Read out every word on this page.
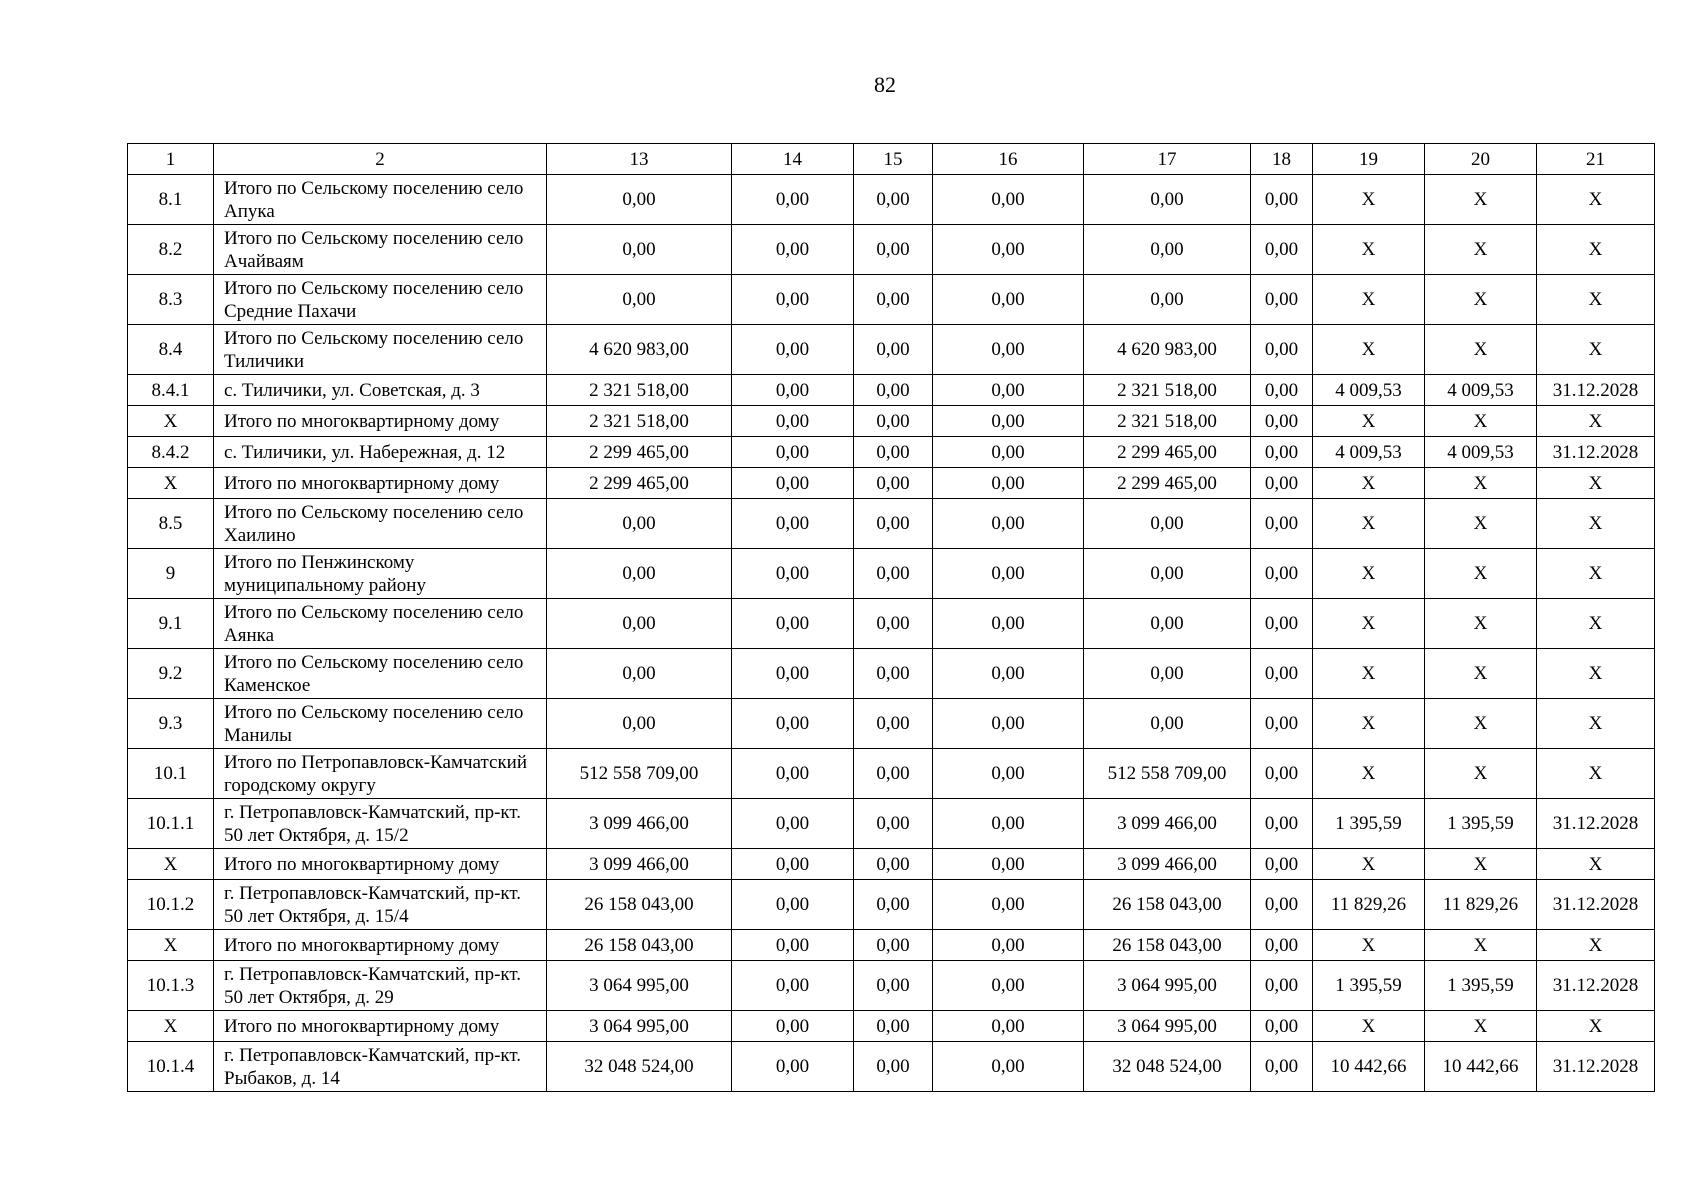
82
1	2	13	14	15	16	17	18	19	20	21
8.1	Итого по Сельскому поселению село Апука	0,00	0,00	0,00	0,00	0,00	0,00	X	X	X
8.2	Итого по Сельскому поселению село Ачайваям	0,00	0,00	0,00	0,00	0,00	0,00	X	X	X
8.3	Итого по Сельскому поселению село Средние Пахачи	0,00	0,00	0,00	0,00	0,00	0,00	X	X	X
8.4	Итого по Сельскому поселению село Тиличики	4 620 983,00	0,00	0,00	0,00	4 620 983,00	0,00	X	X	X
8.4.1	с. Тиличики, ул. Советская, д. 3	2 321 518,00	0,00	0,00	0,00	2 321 518,00	0,00	4 009,53	4 009,53	31.12.2028
X	Итого по многоквартирному дому	2 321 518,00	0,00	0,00	0,00	2 321 518,00	0,00	X	X	X
8.4.2	с. Тиличики, ул. Набережная, д. 12	2 299 465,00	0,00	0,00	0,00	2 299 465,00	0,00	4 009,53	4 009,53	31.12.2028
X	Итого по многоквартирному дому	2 299 465,00	0,00	0,00	0,00	2 299 465,00	0,00	X	X	X
8.5	Итого по Сельскому поселению село Хаилино	0,00	0,00	0,00	0,00	0,00	0,00	X	X	X
9	Итого по Пенжинскому муниципальному району	0,00	0,00	0,00	0,00	0,00	0,00	X	X	X
9.1	Итого по Сельскому поселению село Аянка	0,00	0,00	0,00	0,00	0,00	0,00	X	X	X
9.2	Итого по Сельскому поселению село Каменское	0,00	0,00	0,00	0,00	0,00	0,00	X	X	X
9.3	Итого по Сельскому поселению село Манилы	0,00	0,00	0,00	0,00	0,00	0,00	X	X	X
10.1	Итого по Петропавловск-Камчатский городскому округу	512 558 709,00	0,00	0,00	0,00	512 558 709,00	0,00	X	X	X
10.1.1	г. Петропавловск-Камчатский, пр-кт. 50 лет Октября, д. 15/2	3 099 466,00	0,00	0,00	0,00	3 099 466,00	0,00	1 395,59	1 395,59	31.12.2028
X	Итого по многоквартирному дому	3 099 466,00	0,00	0,00	0,00	3 099 466,00	0,00	X	X	X
10.1.2	г. Петропавловск-Камчатский, пр-кт. 50 лет Октября, д. 15/4	26 158 043,00	0,00	0,00	0,00	26 158 043,00	0,00	11 829,26	11 829,26	31.12.2028
X	Итого по многоквартирному дому	26 158 043,00	0,00	0,00	0,00	26 158 043,00	0,00	X	X	X
10.1.3	г. Петропавловск-Камчатский, пр-кт. 50 лет Октября, д. 29	3 064 995,00	0,00	0,00	0,00	3 064 995,00	0,00	1 395,59	1 395,59	31.12.2028
X	Итого по многоквартирному дому	3 064 995,00	0,00	0,00	0,00	3 064 995,00	0,00	X	X	X
10.1.4	г. Петропавловск-Камчатский, пр-кт. Рыбаков, д. 14	32 048 524,00	0,00	0,00	0,00	32 048 524,00	0,00	10 442,66	10 442,66	31.12.2028
